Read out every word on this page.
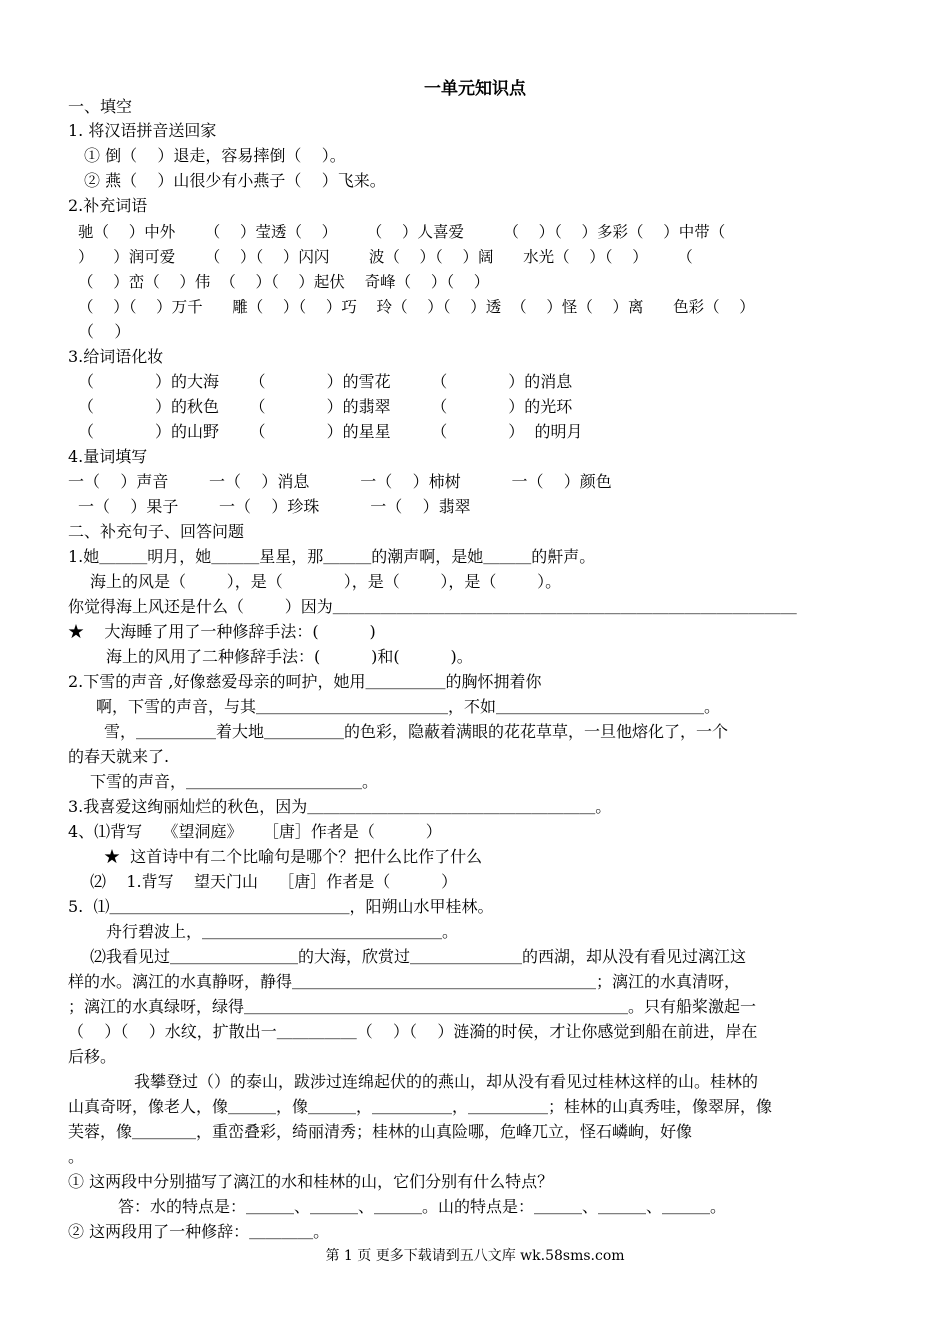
一单元知识点
一、填空
1. 将汉语拼音送回家
① 倒（    ）退走，容易摔倒（    ）。
② 燕（    ）山很少有小燕子（    ）飞来。
2.补充词语
驰（    ）中外      （    ）莹透（    ）      （    ）人喜爱        （    ）（    ）多彩（    ）中带（
）    ）润可爱      （    ）（    ）闪闪        波（    ）（    ）阔      水光（    ）（    ）      （
（    ）峦（    ）伟  （    ）（    ）起伏    奇峰（    ）（    ）
（    ）（    ）万千      雕（    ）（    ）巧    玲（    ）（    ）透  （    ）怪（    ）离      色彩（    ）
（    ）
3.给词语化妆
（            ）的大海      （            ）的雪花        （            ）的消息
（            ）的秋色      （            ）的翡翠        （            ）的光环
（            ）的山野      （            ）的星星        （            ）  的明月
4.量词填写
一（    ）声音        一（    ）消息          一（    ）柿树          一（    ）颜色
一（    ）果子        一（    ）珍珠          一（    ）翡翠
二、补充句子、回答问题
1.她＿＿＿明月，她＿＿＿星星，那＿＿＿的潮声啊，是她＿＿＿的鼾声。
海上的风是（        ），是（            ），是（        ），是（        ）。
你觉得海上风还是什么（        ）因为＿＿＿＿＿＿＿＿＿＿＿＿＿＿＿＿＿＿＿＿＿＿＿＿＿＿＿＿＿
★    大海睡了用了一种修辞手法：(          )
海上的风用了二种修辞手法：(          )和(          )。
2.下雪的声音 ,好像慈爱母亲的呵护，她用＿＿＿＿＿的胸怀拥着你
啊，下雪的声音，与其＿＿＿＿＿＿＿＿＿＿＿＿，不如＿＿＿＿＿＿＿＿＿＿＿＿＿。
雪，＿＿＿＿＿着大地＿＿＿＿＿的色彩，隐蔽着满眼的花花草草，一旦他熔化了，一个
的春天就来了.
下雪的声音，＿＿＿＿＿＿＿＿＿＿＿。
3.我喜爱这绚丽灿烂的秋色，因为＿＿＿＿＿＿＿＿＿＿＿＿＿＿＿＿＿＿。
4、⑴背写    《望洞庭》    ［唐］作者是（          ）
★  这首诗中有二个比喻句是哪个？把什么比作了什么
⑵    1.背写    望天门山    ［唐］作者是（          ）
5.  ⑴＿＿＿＿＿＿＿＿＿＿＿＿＿＿＿，阳朔山水甲桂林。
舟行碧波上，＿＿＿＿＿＿＿＿＿＿＿＿＿＿＿。
⑵我看见过＿＿＿＿＿＿＿＿的大海，欣赏过＿＿＿＿＿＿＿的西湖，却从没有看见过漓江这
样的水。漓江的水真静呀，静得＿＿＿＿＿＿＿＿＿＿＿＿＿＿＿＿＿＿＿；漓江的水真清呀，
；漓江的水真绿呀，绿得＿＿＿＿＿＿＿＿＿＿＿＿＿＿＿＿＿＿＿＿＿＿＿＿。只有船桨激起一
（    ）（    ）水纹，扩散出一＿＿＿＿＿（    ）（    ）涟漪的时侯，才让你感觉到船在前进，岸在
后移。
我攀登过（）的泰山，跋涉过连绵起伏的的燕山，却从没有看见过桂林这样的山。桂林的
山真奇呀，像老人，像＿＿＿，像＿＿＿，＿＿＿＿＿，＿＿＿＿＿；桂林的山真秀哇，像翠屏，像
芙蓉，像＿＿＿＿，重峦叠彩，绮丽清秀；桂林的山真险哪，危峰兀立，怪石嶙峋，好像
。
① 这两段中分别描写了漓江的水和桂林的山，它们分别有什么特点？
答：水的特点是：＿＿＿、＿＿＿、＿＿＿。山的特点是：＿＿＿、＿＿＿、＿＿＿。
② 这两段用了一种修辞：＿＿＿＿。
第 1 页 更多下载请到五八文库 wk.58sms.com
